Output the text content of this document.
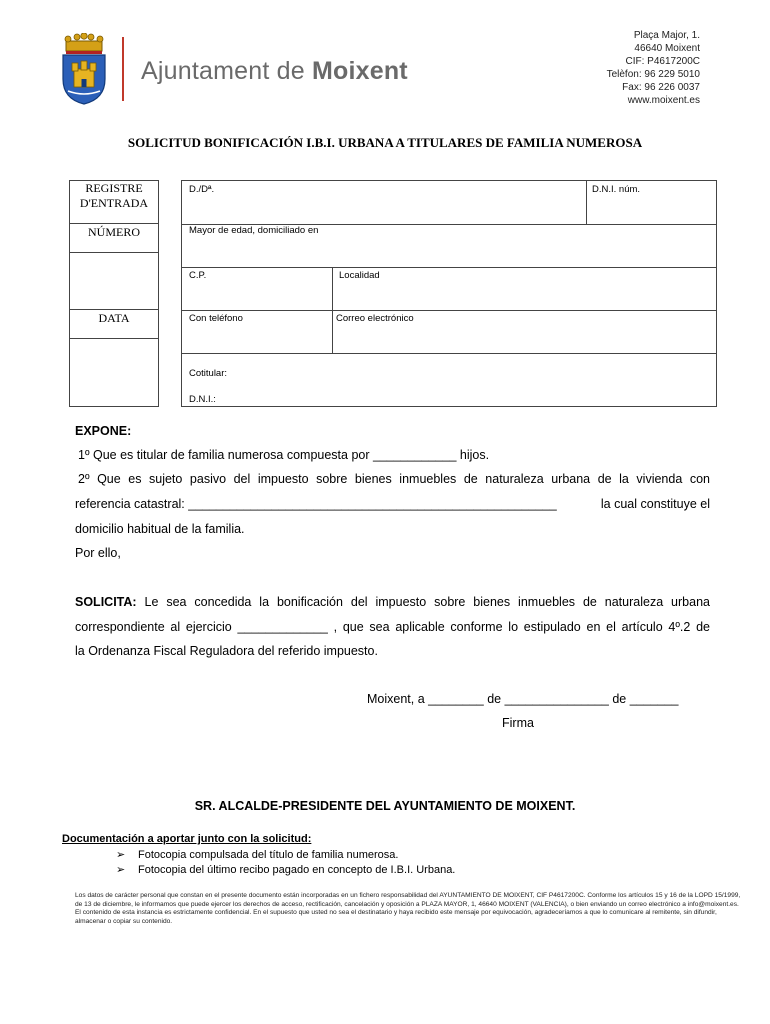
Ajuntament de Moixent
Plaça Major, 1.
46640 Moixent
CIF: P4617200C
Telèfon: 96 229 5010
Fax: 96 226 0037
www.moixent.es
SOLICITUD BONIFICACIÓN I.B.I. URBANA A TITULARES DE FAMILIA NUMEROSA
REGISTRE D'ENTRADA
NÚMERO
DATA
D./Dª.	D.N.I. núm.
Mayor de edad, domiciliado en
C.P.	Localidad
Con teléfono	Correo electrónico
Cotitular:
D.N.I.:
EXPONE:
1º Que es titular de familia numerosa compuesta por ____________ hijos.
2º Que es sujeto pasivo del impuesto sobre bienes inmuebles de naturaleza urbana de la vivienda con
referencia catastral: _____________________________________________________	la cual constituye el
domicilio habitual de la familia.
Por ello,
SOLICITA: Le sea concedida la bonificación del impuesto sobre bienes inmuebles de naturaleza urbana
correspondiente al ejercicio _____________ , que sea aplicable conforme lo estipulado en el artículo 4º.2 de
la Ordenanza Fiscal Reguladora del referido impuesto.
Moixent, a ________ de _______________ de _______
Firma
SR. ALCALDE-PRESIDENTE DEL AYUNTAMIENTO DE MOIXENT.
Documentación a aportar junto con la solicitud:
➢ Fotocopia compulsada del título de familia numerosa.
➢ Fotocopia del último recibo pagado en concepto de I.B.I. Urbana.
Los datos de carácter personal que constan en el presente documento están incorporadas en un fichero responsabilidad del AYUNTAMIENTO DE MOIXENT, CIF P4617200C. Conforme los artículos 15 y 16 de la LOPD 15/1999, de 13 de diciembre, le informamos que puede ejercer los derechos de acceso, rectificación, cancelación y oposición a PLAZA MAYOR, 1, 46640 MOIXENT (VALENCIA), o bien enviando un correo electrónico a info@moixent.es.
El contenido de esta instancia es estrictamente confidencial. En el supuesto que usted no sea el destinatario y haya recibido este mensaje por equivocación, agradeceríamos a que lo comunicare al remitente, sin difundir, almacenar o copiar su contenido.
